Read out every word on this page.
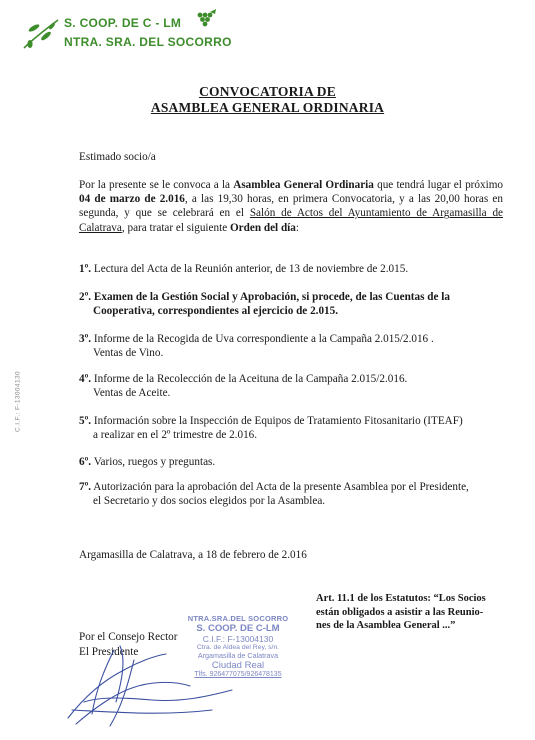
S. COOP. DE C - LM
NTRA. SRA. DEL SOCORRO
C.I.F.: F-13004130
CONVOCATORIA DE
ASAMBLEA GENERAL ORDINARIA
Estimado socio/a
Por la presente se le convoca a la Asamblea General Ordinaria que tendrá lugar el próximo 04 de marzo de 2.016, a las 19,30 horas, en primera Convocatoria, y a las 20,00 horas en segunda, y que se celebrará en el Salón de Actos del Ayuntamiento de Argamasilla de Calatrava, para tratar el siguiente Orden del día:
1º. Lectura del Acta de la Reunión anterior, de 13 de noviembre de 2.015.
2º. Examen de la Gestión Social y Aprobación, si procede, de las Cuentas de la
Cooperativa, correspondientes al ejercicio de 2.015.
3º. Informe de la Recogida de Uva correspondiente a la Campaña 2.015/2.016 .
Ventas de Vino.
4º. Informe de la Recolección de la Aceituna de la Campaña 2.015/2.016.
Ventas de Aceite.
5º. Información sobre la Inspección de Equipos de Tratamiento Fitosanitario (ITEAF)
a realizar en el 2º trimestre de 2.016.
6º. Varios, ruegos y preguntas.
7º. Autorización para la aprobación del Acta de la presente Asamblea por el Presidente,
el Secretario y dos socios elegidos por la Asamblea.
Argamasilla de Calatrava, a 18 de febrero de 2.016
Art. 11.1 de los Estatutos: “Los Socios
están obligados a asistir a las Reunio-
nes de la Asamblea General ...”
Por el Consejo Rector
El Presidente
NTRA.SRA.DEL SOCORRO
S. COOP. DE C-LM
C.I.F.: F-13004130
Ctra. de Aldea del Rey, s/n.
Argamasilla de Calatrava
Ciudad Real
Tlfs. 926477075/926478135
